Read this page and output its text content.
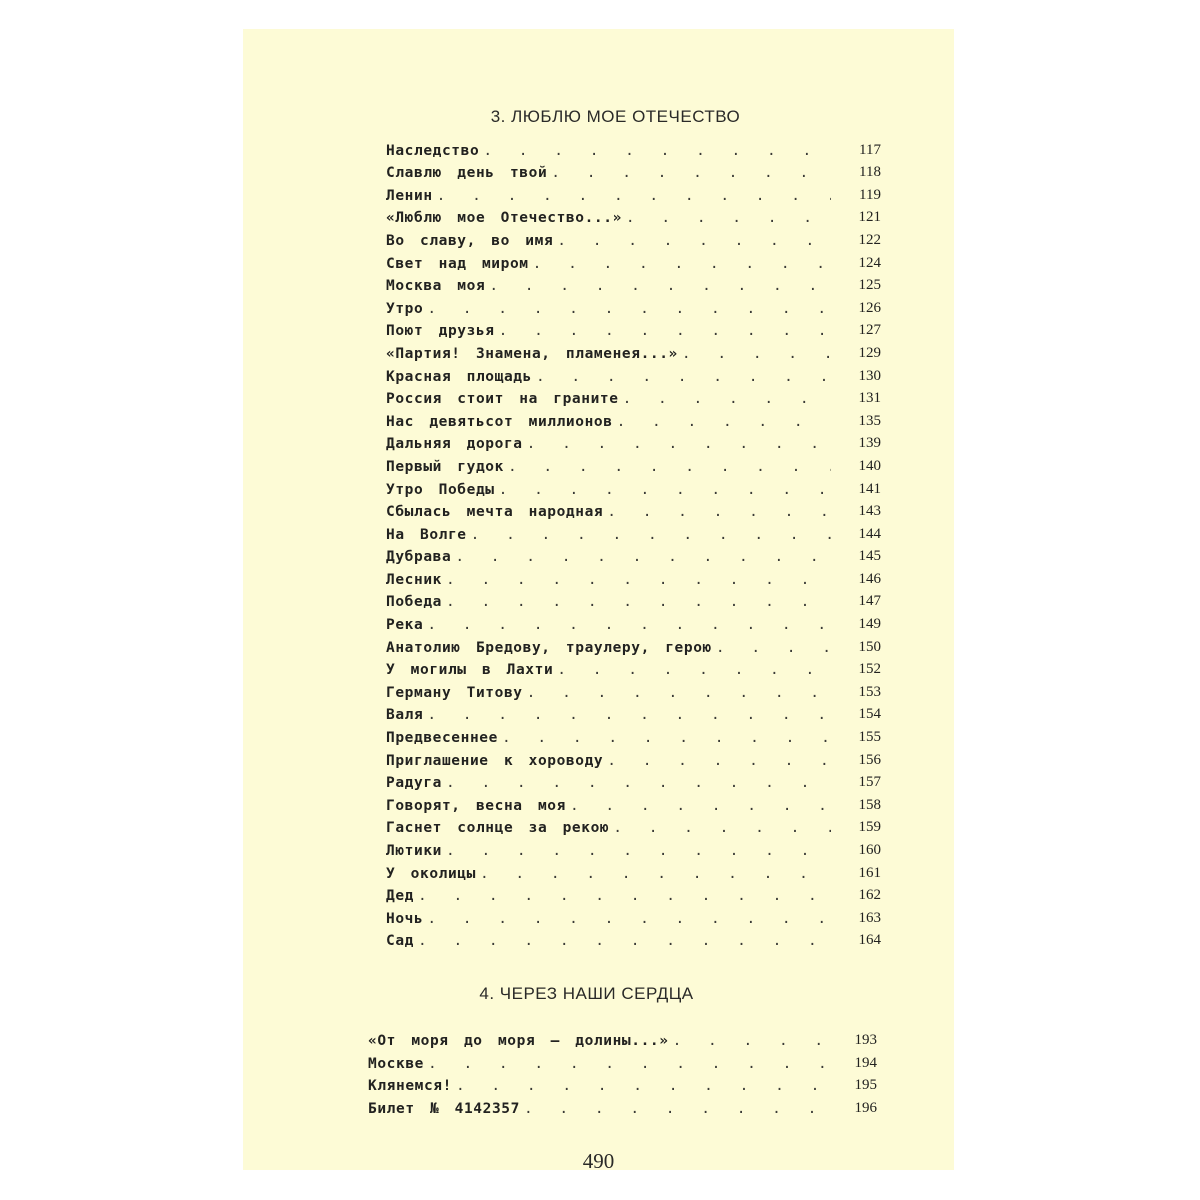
3. ЛЮБЛЮ МОЕ ОТЕЧЕСТВО
Наследство . . .	117
Славлю день твой . . .	118
Ленин . . .	119
«Люблю мое Отечество...» . . .	121
Во славу, во имя . . .	122
Свет над миром . . .	124
Москва моя . . .	125
Утро . . .	126
Поют друзья . . .	127
«Партия! Знамена, пламенея...» . . .	129
Красная площадь . . .	130
Россия стоит на граните . . .	131
Нас девятьсот миллионов . . .	135
Дальняя дорога . . .	139
Первый гудок . . .	140
Утро Победы . . .	141
Сбылась мечта народная . . .	143
На Волге . . .	144
Дубрава . . .	145
Лесник . . .	146
Победа . . .	147
Река . . .	149
Анатолию Бредову, траулеру, герою . . .	150
У могилы в Лахти . . .	152
Герману Титову . . .	153
Валя . . .	154
Предвесеннее . . .	155
Приглашение к хороводу . . .	156
Радуга . . .	157
Говорят, весна моя . . .	158
Гаснет солнце за рекою . . .	159
Лютики . . .	160
У околицы . . .	161
Дед . . .	162
Ночь . . .	163
Сад . . .	164
4. ЧЕРЕЗ НАШИ СЕРДЦА
«От моря до моря — долины...» . . .	193
Москве . . .	194
Клянемся! . . .	195
Билет № 4142357 . . .	196
490
